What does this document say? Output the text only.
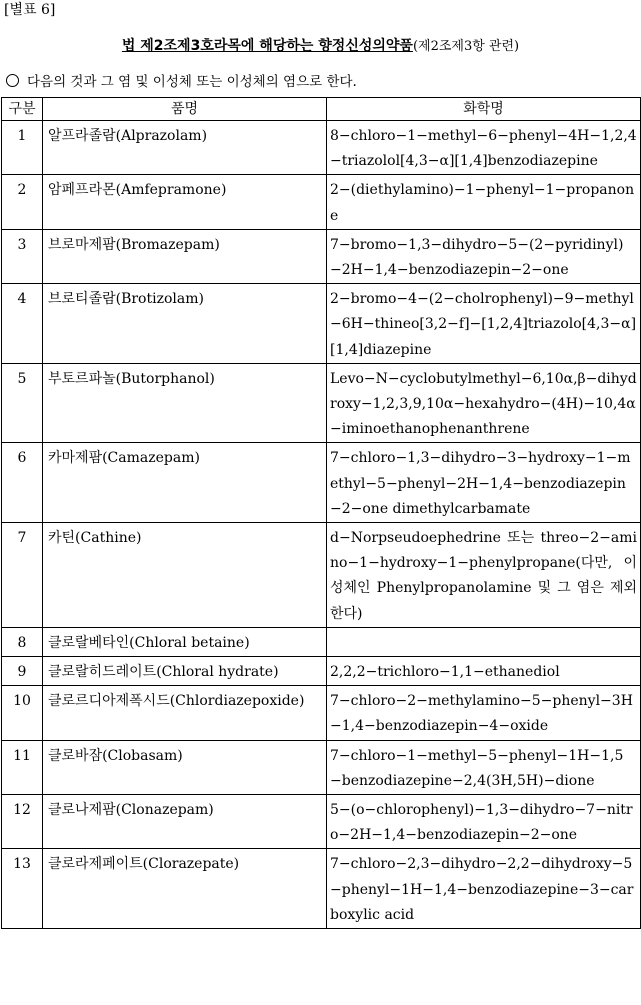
[별표 6]
법 제2조제3호라목에 해당하는 향정신성의약품(제2조제3항 관련)
다음의 것과 그 염 및 이성체 또는 이성체의 염으로 한다.
구분	품명	화학명
1	알프라졸람(Alprazolam)	8−chloro−1−methyl−6−phenyl−4H−1,2,4−triazolol[4,3−α][1,4]benzodiazepine
2	암페프라몬(Amfepramone)	2−(diethylamino)−1−phenyl−1−propanone
3	브로마제팜(Bromazepam)	7−bromo−1,3−dihydro−5−(2−pyridinyl)−2H−1,4−benzodiazepin−2−one
4	브로티졸람(Brotizolam)	2−bromo−4−(2−cholrophenyl)−9−methyl−6H−thineo[3,2−f]−[1,2,4]triazolo[4,3−α][1,4]diazepine
5	부토르파놀(Butorphanol)	Levo−N−cyclobutylmethyl−6,10α,β−dihydroxy−1,2,3,9,10α−hexahydro−(4H)−10,4α−iminoethanophenanthrene
6	카마제팜(Camazepam)	7−chloro−1,3−dihydro−3−hydroxy−1−methyl−5−phenyl−2H−1,4−benzodiazepin−2−one dimethylcarbamate
7	카틴(Cathine)	d−Norpseudoephedrine 또는 threo−2−amino−1−hydroxy−1−phenylpropane(다만, 이성체인 Phenylpropanolamine 및 그 염은 제외한다)
8	클로랄베타인(Chloral betaine)	
9	클로랄히드레이트(Chloral hydrate)	2,2,2−trichloro−1,1−ethanediol
10	클로르디아제폭시드(Chlordiazepoxide)	7−chloro−2−methylamino−5−phenyl−3H−1,4−benzodiazepin−4−oxide
11	클로바잠(Clobasam)	7−chloro−1−methyl−5−phenyl−1H−1,5−benzodiazepine−2,4(3H,5H)−dione
12	클로나제팜(Clonazepam)	5−(o−chlorophenyl)−1,3−dihydro−7−nitro−2H−1,4−benzodiazepin−2−one
13	클로라제페이트(Clorazepate)	7−chloro−2,3−dihydro−2,2−dihydroxy−5−phenyl−1H−1,4−benzodiazepine−3−carboxylic acid
